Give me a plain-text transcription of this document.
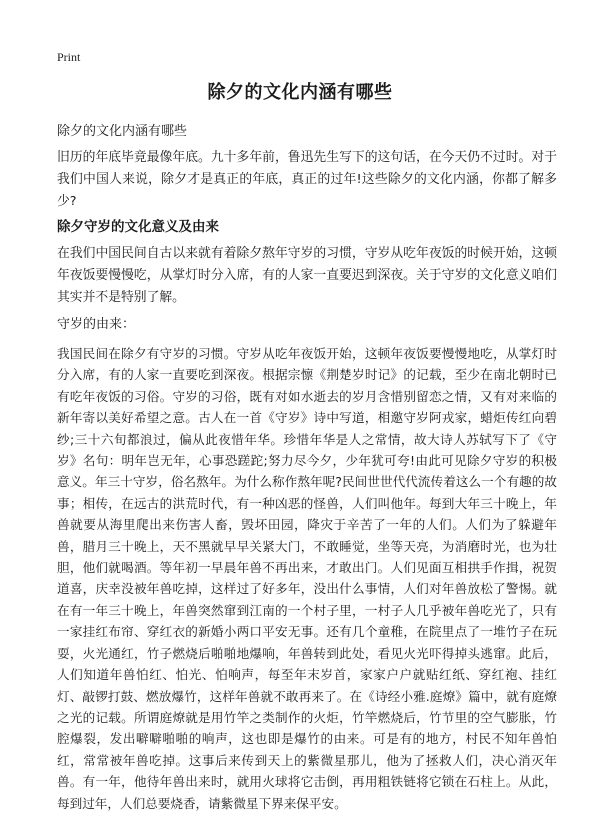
Print
除夕的文化内涵有哪些
除夕的文化内涵有哪些
旧历的年底毕竟最像年底。九十多年前，鲁迅先生写下的这句话，在今天仍不过时。对于我们中国人来说，除夕才是真正的年底，真正的过年!这些除夕的文化内涵，你都了解多少?
除夕守岁的文化意义及由来
在我们中国民间自古以来就有着除夕熬年守岁的习惯，守岁从吃年夜饭的时候开始，这顿年夜饭要慢慢吃，从掌灯时分入席，有的人家一直要迟到深夜。关于守岁的文化意义咱们其实并不是特别了解。
守岁的由来：
我国民间在除夕有守岁的习惯。守岁从吃年夜饭开始，这顿年夜饭要慢慢地吃，从掌灯时分入席，有的人家一直要吃到深夜。根据宗懔《荆楚岁时记》的记载，至少在南北朝时已有吃年夜饭的习俗。守岁的习俗，既有对如水逝去的岁月含惜别留恋之情，又有对来临的新年寄以美好希望之意。古人在一首《守岁》诗中写道，相邀守岁阿戎家，蜡炬传红向碧纱;三十六旬都浪过，偏从此夜惜年华。珍惜年华是人之常情，故大诗人苏轼写下了《守岁》名句：明年岂无年，心事恐蹉跎;努力尽今夕，少年犹可夸!由此可见除夕守岁的积极意义。年三十守岁，俗名熬年。为什么称作熬年呢?民间世世代代流传着这么一个有趣的故事；相传，在远古的洪荒时代，有一种凶恶的怪兽，人们叫他年。每到大年三十晚上，年兽就要从海里爬出来伤害人畜，毁坏田园，降灾于辛苦了一年的人们。人们为了躲避年兽，腊月三十晚上，天不黑就早早关紧大门，不敢睡觉，坐等天亮，为消磨时光，也为壮胆，他们就喝酒。等年初一早晨年兽不再出来，才敢出门。人们见面互相拱手作揖，祝贺道喜，庆幸没被年兽吃掉，这样过了好多年，没出什么事情，人们对年兽放松了警惕。就在有一年三十晚上，年兽突然窜到江南的一个村子里，一村子人几乎被年兽吃光了，只有一家挂红布帘、穿红衣的新婚小两口平安无事。还有几个童稚，在院里点了一堆竹子在玩耍，火光通红，竹子燃烧后啪啪地爆响，年兽转到此处，看见火光吓得掉头逃窜。此后，人们知道年兽怕红、怕光、怕响声，每至年末岁首，家家户户就贴红纸、穿红袍、挂红灯、敲锣打鼓、燃放爆竹，这样年兽就不敢再来了。在《诗经小雅.庭燎》篇中，就有庭燎之光的记载。所谓庭燎就是用竹竿之类制作的火炬，竹竿燃烧后，竹节里的空气膨胀，竹腔爆裂，发出噼噼啪啪的响声，这也即是爆竹的由来。可是有的地方，村民不知年兽怕红，常常被年兽吃掉。这事后来传到天上的紫微星那儿，他为了拯救人们，决心消灭年兽。有一年，他待年兽出来时，就用火球将它击倒，再用粗铁链将它锁在石柱上。从此，每到过年，人们总要烧香，请紫微星下界来保平安。
